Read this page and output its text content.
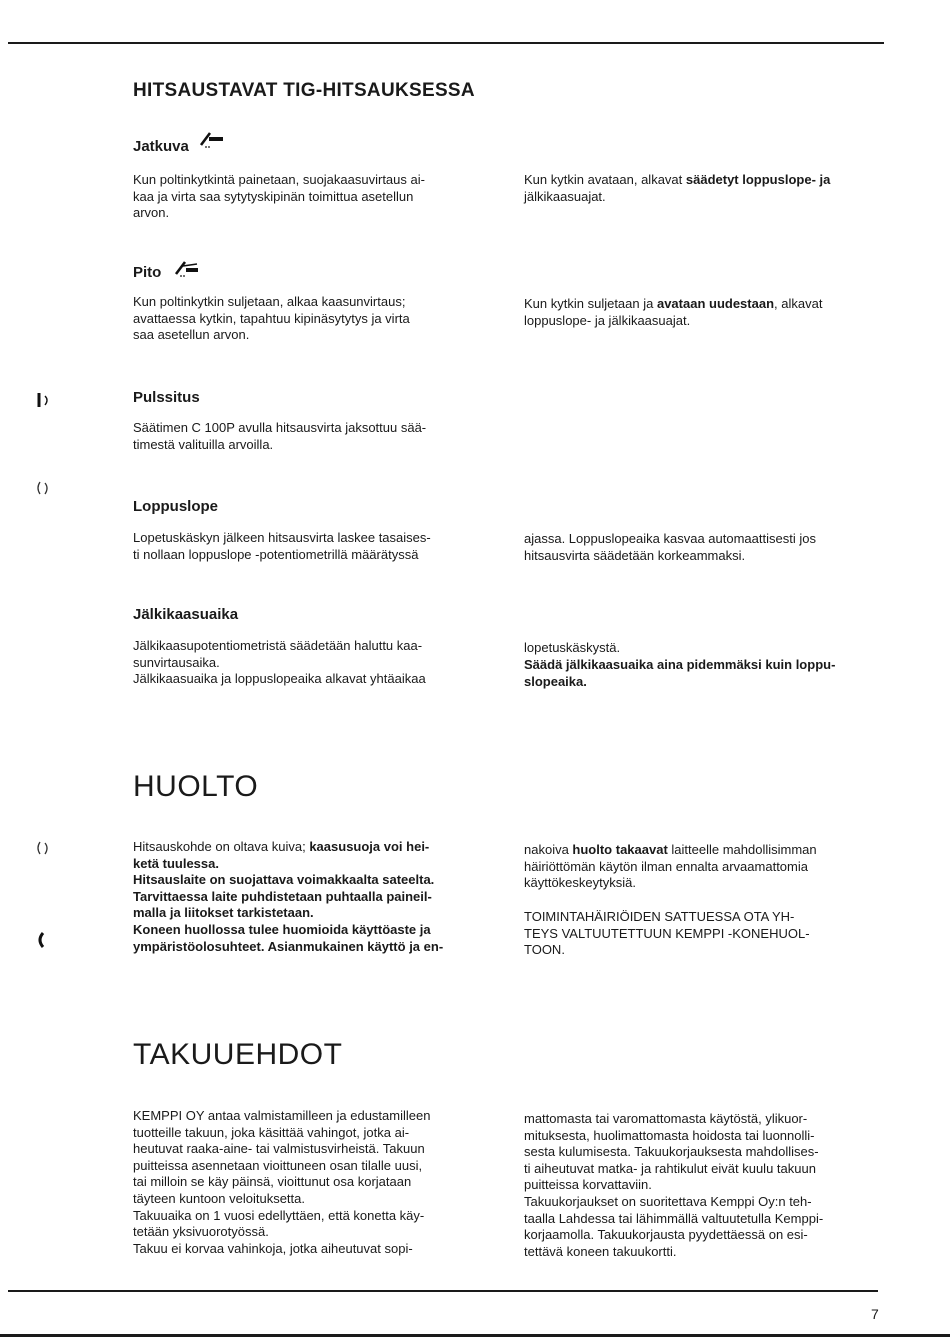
HITSAUSTAVAT TIG-HITSAUKSESSA
Jatkuva
Kun poltinkytkintä painetaan, suojakaasuvirtaus ai-
kaa ja virta saa sytytyskipinän toimittua asetellun
arvon.
Kun kytkin avataan, alkavat säädetyt loppuslope- ja
jälkikaasuajat.
Pito
Kun poltinkytkin suljetaan, alkaa kaasunvirtaus;
avattaessa kytkin, tapahtuu kipinäsytytys ja virta
saa asetellun arvon.
Kun kytkin suljetaan ja avataan uudestaan, alkavat
loppuslope- ja jälkikaasuajat.
Pulssitus
Säätimen C 100P avulla hitsausvirta jaksottuu sää-
timestä valituilla arvoilla.
Loppuslope
Lopetuskäskyn jälkeen hitsausvirta laskee tasaises-
ti nollaan loppuslope -potentiometrillä määrätyssä
ajassa. Loppuslopeaika kasvaa automaattisesti jos
hitsausvirta säädetään korkeammaksi.
Jälkikaasuaika
Jälkikaasupotentiometristä säädetään haluttu kaa-
sunvirtausaika.
Jälkikaasuaika ja loppuslopeaika alkavat yhtäaikaa
lopetuskäskystä.
Säädä jälkikaasuaika aina pidemmäksi kuin loppu-
slopeaika.
HUOLTO
Hitsauskohde on oltava kuiva; kaasusuoja voi hei-
ketä tuulessa.
Hitsauslaite on suojattava voimakkaalta sateelta.
Tarvittaessa laite puhdistetaan puhtaalla paineil-
malla ja liitokset tarkistetaan.
Koneen huollossa tulee huomioida käyttöaste ja
ympäristöolosuhteet. Asianmukainen käyttö ja en-
nakoiva huolto takaavat laitteelle mahdollisimman
häiriöttömän käytön ilman ennalta arvaamattomia
käyttökeskeytyksiä.
TOIMINTAHÄIRIÖIDEN SATTUESSA OTA YH-
TEYS VALTUUTETTUUN KEMPPI -KONEHUOL-
TOON.
TAKUUEHDOT
KEMPPI OY antaa valmistamilleen ja edustamilleen
tuotteille takuun, joka käsittää vahingot, jotka ai-
heutuvat raaka-aine- tai valmistusvirheistä. Takuun
puitteissa asennetaan vioittuneen osan tilalle uusi,
tai milloin se käy päinsä, vioittunut osa korjataan
täyteen kuntoon veloituksetta.
Takuuaika on 1 vuosi edellyttäen, että konetta käy-
tetään yksivuorotyössä.
Takuu ei korvaa vahinkoja, jotka aiheutuvat sopi-
mattomasta tai varomattomasta käytöstä, ylikuor-
mituksesta, huolimattomasta hoidosta tai luonnolli-
sesta kulumisesta. Takuukorjauksesta mahdollises-
ti aiheutuvat matka- ja rahtikulut eivät kuulu takuun
puitteissa korvattaviin.
Takuukorjaukset on suoritettava Kemppi Oy:n teh-
taalla Lahdessa tai lähimmällä valtuutetulla Kemppi-
korjaamolla. Takuukorjausta pyydettäessä on esi-
tettävä koneen takuukortti.
7
